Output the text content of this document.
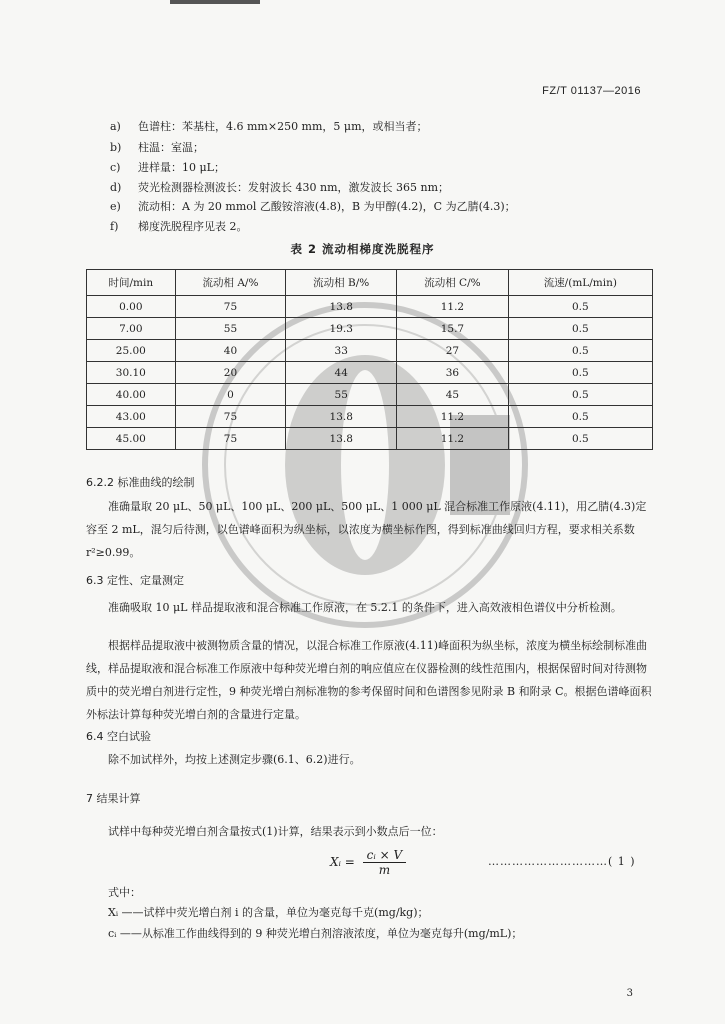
FZ/T 01137—2016
a) 色谱柱：苯基柱，4.6 mm×250 mm，5 μm，或相当者；
b) 柱温：室温；
c) 进样量：10 μL；
d) 荧光检测器检测波长：发射波长 430 nm，激发波长 365 nm；
e) 流动相：A 为 20 mmol 乙酸铵溶液(4.8)，B 为甲醇(4.2)，C 为乙腈(4.3)；
f) 梯度洗脱程序见表 2。
表 2 流动相梯度洗脱程序
时间/min	流动相 A/%	流动相 B/%	流动相 C/%	流速/(mL/min)
0.00	75	13.8	11.2	0.5
7.00	55	19.3	15.7	0.5
25.00	40	33	27	0.5
30.10	20	44	36	0.5
40.00	0	55	45	0.5
43.00	75	13.8	11.2	0.5
45.00	75	13.8	11.2	0.5
6.2.2 标准曲线的绘制
准确量取 20 μL、50 μL、100 μL、200 μL、500 μL、1 000 μL 混合标准工作原液(4.11)，用乙腈(4.3)定容至 2 mL，混匀后待测，以色谱峰面积为纵坐标，以浓度为横坐标作图，得到标准曲线回归方程，要求相关系数 r²≥0.99。
6.3 定性、定量测定
准确吸取 10 μL 样品提取液和混合标准工作原液，在 5.2.1 的条件下，进入高效液相色谱仪中分析检测。
根据样品提取液中被测物质含量的情况，以混合标准工作原液(4.11)峰面积为纵坐标，浓度为横坐标绘制标准曲线，样品提取液和混合标准工作原液中每种荧光增白剂的响应值应在仪器检测的线性范围内，根据保留时间对待测物质中的荧光增白剂进行定性，9 种荧光增白剂标准物的参考保留时间和色谱图参见附录 B 和附录 C。根据色谱峰面积外标法计算每种荧光增白剂的含量进行定量。
6.4 空白试验
除不加试样外，均按上述测定步骤(6.1、6.2)进行。
7 结果计算
试样中每种荧光增白剂含量按式(1)计算，结果表示到小数点后一位：
Xᵢ = $\frac{\text{cᵢ × V}}{m}$	…………………………( 1 )
式中：
Xᵢ ——试样中荧光增白剂 i 的含量，单位为毫克每千克(mg/kg)；
cᵢ ——从标准工作曲线得到的 9 种荧光增白剂溶液浓度，单位为毫克每升(mg/mL)；
3
